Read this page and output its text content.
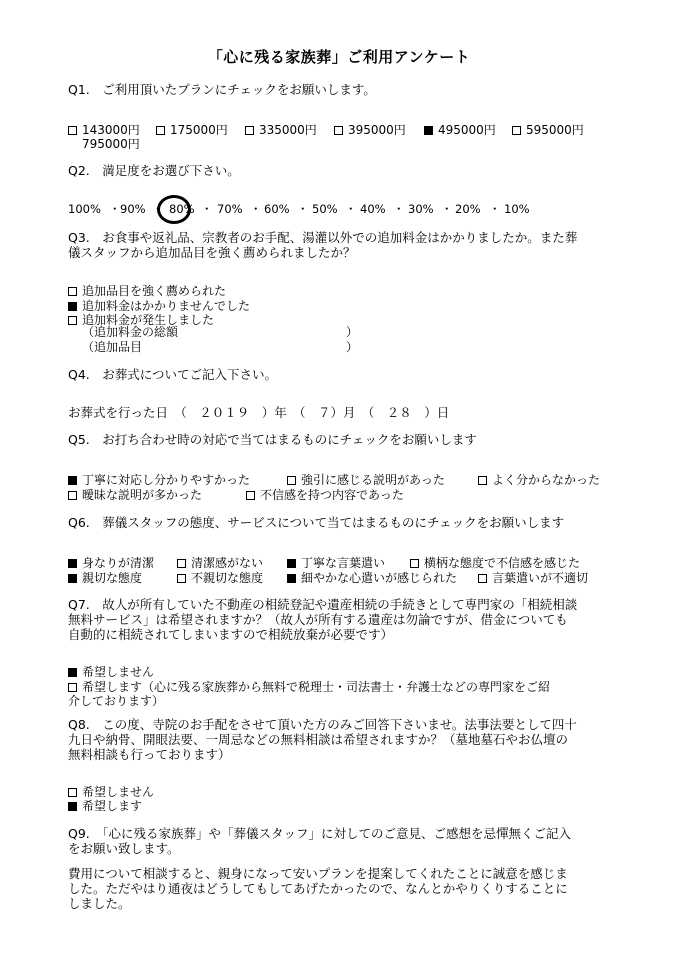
「心に残る家族葬」ご利用アンケート
Q1.　ご利用頂いたプランにチェックをお願いします。
143000円	175000円	335000円	395000円	495000円	595000円
795000円
Q2.　満足度をお選び下さい。
100% ・ 90% ・ 80% ・ 70% ・ 60% ・ 50% ・ 40% ・ 30% ・ 20% ・ 10%
Q3.　お食事や返礼品、宗教者のお手配、湯灌以外での追加料金はかかりましたか。また葬
儀スタッフから追加品目を強く薦められましたか？
追加品目を強く薦められた
追加料金はかかりませんでした
追加料金が発生しました
（追加料金の総額　　　　　　　　　　　　　　）
（追加品目　　　　　　　　　　　　　　　　　）
Q4.　お葬式についてご記入下さい。
お葬式を行った日　（　２０１９　）年　（　７）月　（　２８　）日
Q5.　お打ち合わせ時の対応で当てはまるものにチェックをお願いします
丁寧に対応し分かりやすかった	強引に感じる説明があった	よく分からなかった
曖昧な説明が多かった	不信感を持つ内容であった
Q6.　葬儀スタッフの態度、サービスについて当てはまるものにチェックをお願いします
身なりが清潔	清潔感がない	丁寧な言葉遣い	横柄な態度で不信感を感じた
親切な態度	不親切な態度	細やかな心遣いが感じられた	言葉遣いが不適切
Q7.　故人が所有していた不動産の相続登記や遺産相続の手続きとして専門家の「相続相談
無料サービス」は希望されますか？（故人が所有する遺産は勿論ですが、借金についても
自動的に相続されてしまいますので相続放棄が必要です）
希望しません
希望します（心に残る家族葬から無料で税理士・司法書士・弁護士などの専門家をご紹
介しております）
Q8.　この度、寺院のお手配をさせて頂いた方のみご回答下さいませ。法事法要として四十
九日や納骨、開眼法要、一周忌などの無料相談は希望されますか？（墓地墓石やお仏壇の
無料相談も行っております）
希望しません
希望します
Q9.　「心に残る家族葬」や「葬儀スタッフ」に対してのご意見、ご感想を忌憚無くご記入
をお願い致します。
費用について相談すると、親身になって安いプランを提案してくれたことに誠意を感じま
した。ただやはり通夜はどうしてもしてあげたかったので、なんとかやりくりすることに
しました。
